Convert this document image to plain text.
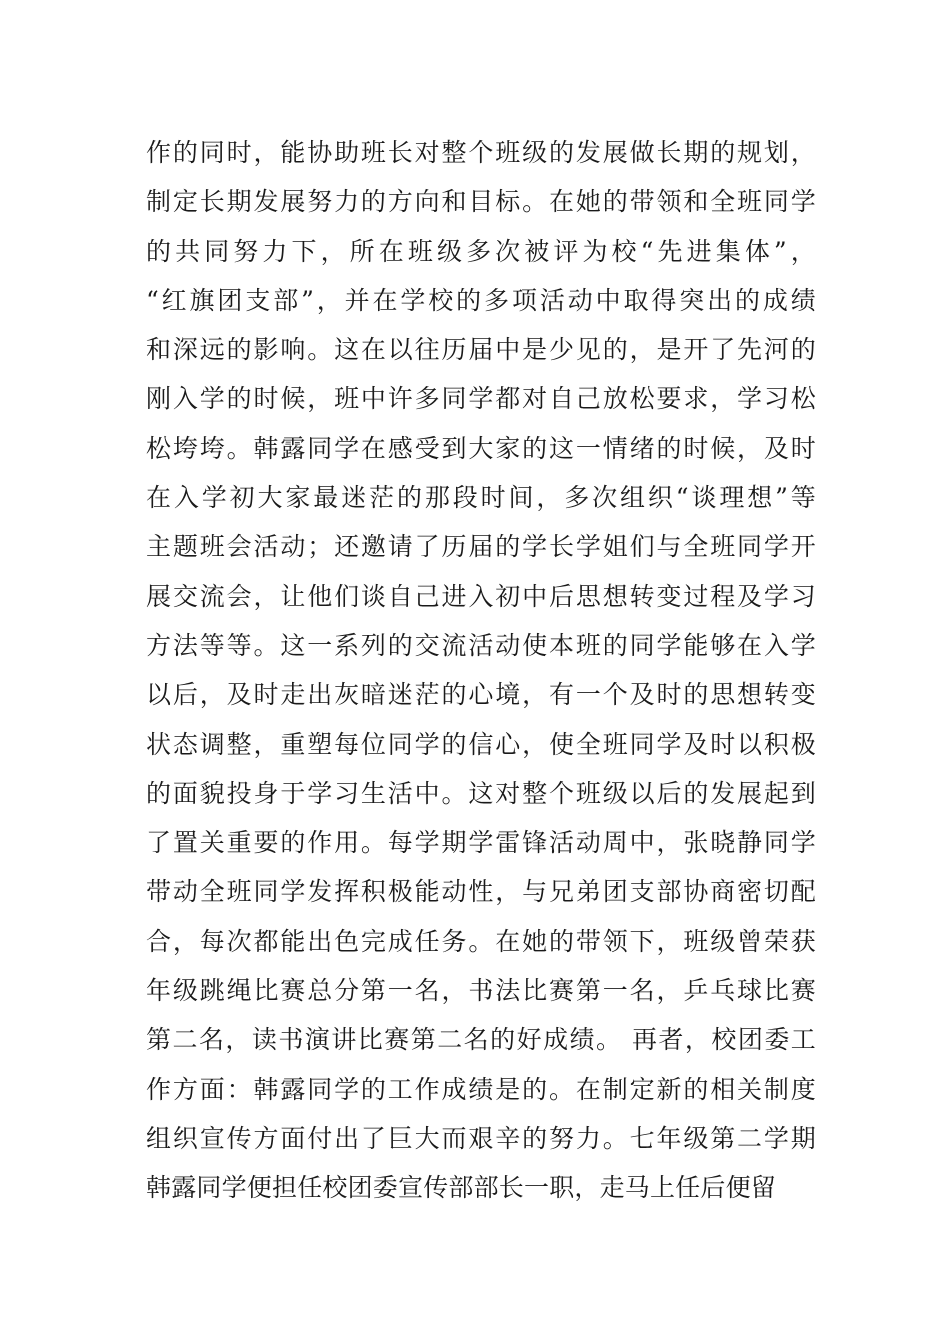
作的同时，能协助班长对整个班级的发展做长期的规划，
制定长期发展努力的方向和目标。在她的带领和全班同学
的共同努力下，所在班级多次被评为校“先进集体”，
“红旗团支部”，并在学校的多项活动中取得突出的成绩
和深远的影响。这在以往历届中是少见的，是开了先河的
刚入学的时候，班中许多同学都对自己放松要求，学习松
松垮垮。韩露同学在感受到大家的这一情绪的时候，及时
在入学初大家最迷茫的那段时间，多次组织“谈理想”等
主题班会活动；还邀请了历届的学长学姐们与全班同学开
展交流会，让他们谈自己进入初中后思想转变过程及学习
方法等等。这一系列的交流活动使本班的同学能够在入学
以后，及时走出灰暗迷茫的心境，有一个及时的思想转变
状态调整，重塑每位同学的信心，使全班同学及时以积极
的面貌投身于学习生活中。这对整个班级以后的发展起到
了置关重要的作用。每学期学雷锋活动周中，张晓静同学
带动全班同学发挥积极能动性，与兄弟团支部协商密切配
合，每次都能出色完成任务。在她的带领下，班级曾荣获
年级跳绳比赛总分第一名，书法比赛第一名，乒乓球比赛
第二名，读书演讲比赛第二名的好成绩。 再者，校团委工
作方面：韩露同学的工作成绩是的。在制定新的相关制度
组织宣传方面付出了巨大而艰辛的努力。七年级第二学期
韩露同学便担任校团委宣传部部长一职，走马上任后便留
